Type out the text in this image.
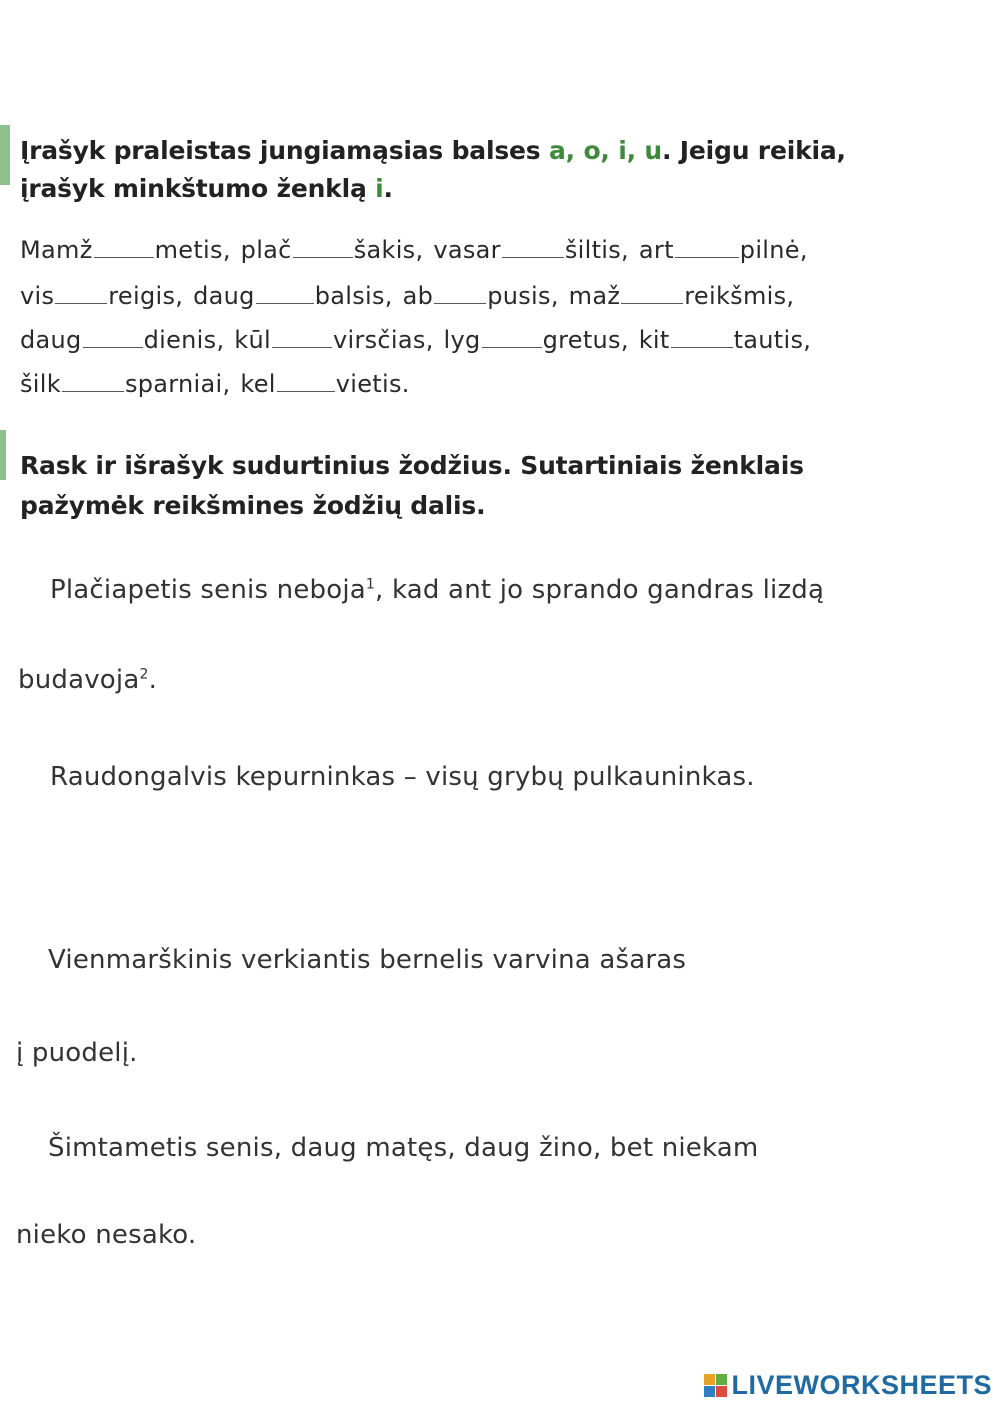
Įrašyk praleistas jungiamąsias balses a, o, i, u. Jeigu reikia,
įrašyk minkštumo ženklą i.
Mamž	metis, plač	šakis, vasar	šiltis, art	pilnė,
vis reigis, daug	balsis, ab pusis, maž	reikšmis,
daug	dienis, kūl	virsčias, lyg	gretus, kit	tautis,
šilk	sparniai, kel	vietis.
Rask ir išrašyk sudurtinius žodžius. Sutartiniais ženklais
pažymėk reikšmines žodžių dalis.
Plačiapetis senis neboja$^1$, kad ant jo sprando gandras lizdą
budavoja$^2$.
Raudongalvis kepurninkas – visų grybų pulkauninkas.
Vienmarškinis verkiantis bernelis varvina ašaras
į puodelį.
Šimtametis senis, daug matęs, daug žino, bet niekam
nieko nesako.
LIVEWORKSHEETS
